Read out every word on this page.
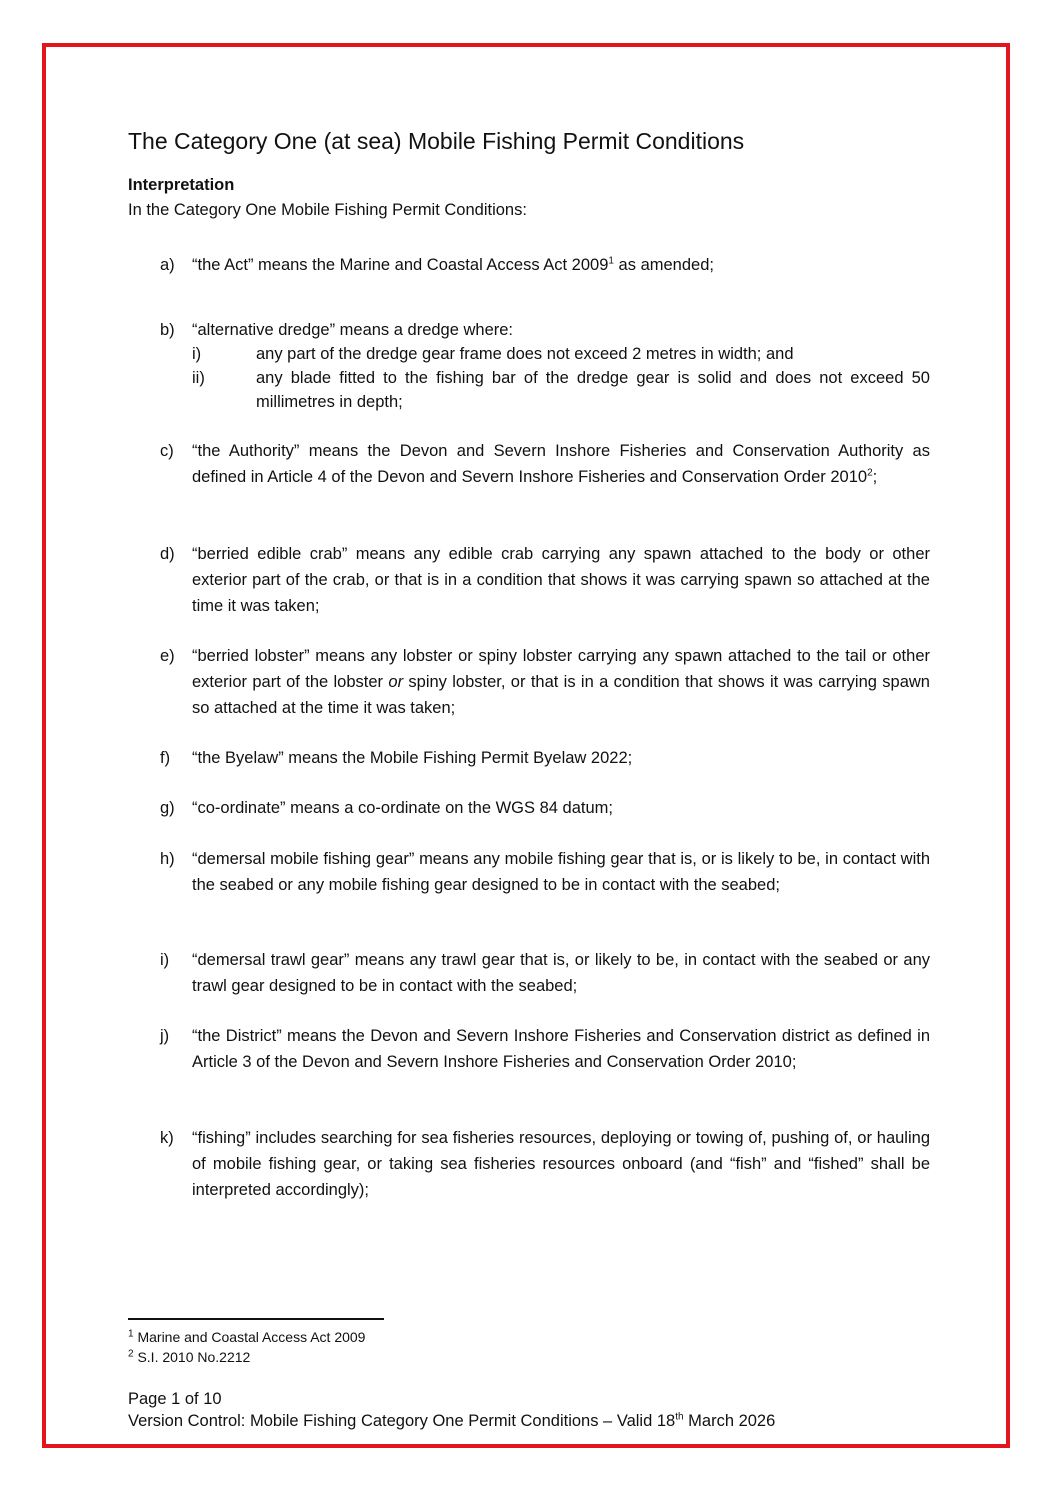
The Category One (at sea) Mobile Fishing Permit Conditions
Interpretation
In the Category One Mobile Fishing Permit Conditions:
a) “the Act” means the Marine and Coastal Access Act 2009$^1$ as amended;
b) “alternative dredge” means a dredge where:
i)	any part of the dredge gear frame does not exceed 2 metres in width; and
ii)	any blade fitted to the fishing bar of the dredge gear is solid and does not exceed 50 millimetres in depth;
c) “the Authority” means the Devon and Severn Inshore Fisheries and Conservation Authority as defined in Article 4 of the Devon and Severn Inshore Fisheries and Conservation Order 2010$^2$;
d) “berried edible crab” means any edible crab carrying any spawn attached to the body or other exterior part of the crab, or that is in a condition that shows it was carrying spawn so attached at the time it was taken;
e) “berried lobster” means any lobster or spiny lobster carrying any spawn attached to the tail or other exterior part of the lobster or spiny lobster, or that is in a condition that shows it was carrying spawn so attached at the time it was taken;
f) “the Byelaw” means the Mobile Fishing Permit Byelaw 2022;
g) “co-ordinate” means a co-ordinate on the WGS 84 datum;
h) “demersal mobile fishing gear” means any mobile fishing gear that is, or is likely to be, in contact with the seabed or any mobile fishing gear designed to be in contact with the seabed;
i) “demersal trawl gear” means any trawl gear that is, or likely to be, in contact with the seabed or any trawl gear designed to be in contact with the seabed;
j) “the District” means the Devon and Severn Inshore Fisheries and Conservation district as defined in Article 3 of the Devon and Severn Inshore Fisheries and Conservation Order 2010;
k) “fishing” includes searching for sea fisheries resources, deploying or towing of, pushing of, or hauling of mobile fishing gear, or taking sea fisheries resources onboard (and “fish” and “fished” shall be interpreted accordingly);
$^1$ Marine and Coastal Access Act 2009
$^2$ S.I. 2010 No.2212
Page 1 of 10
Version Control: Mobile Fishing Category One Permit Conditions – Valid 18th March 2026
